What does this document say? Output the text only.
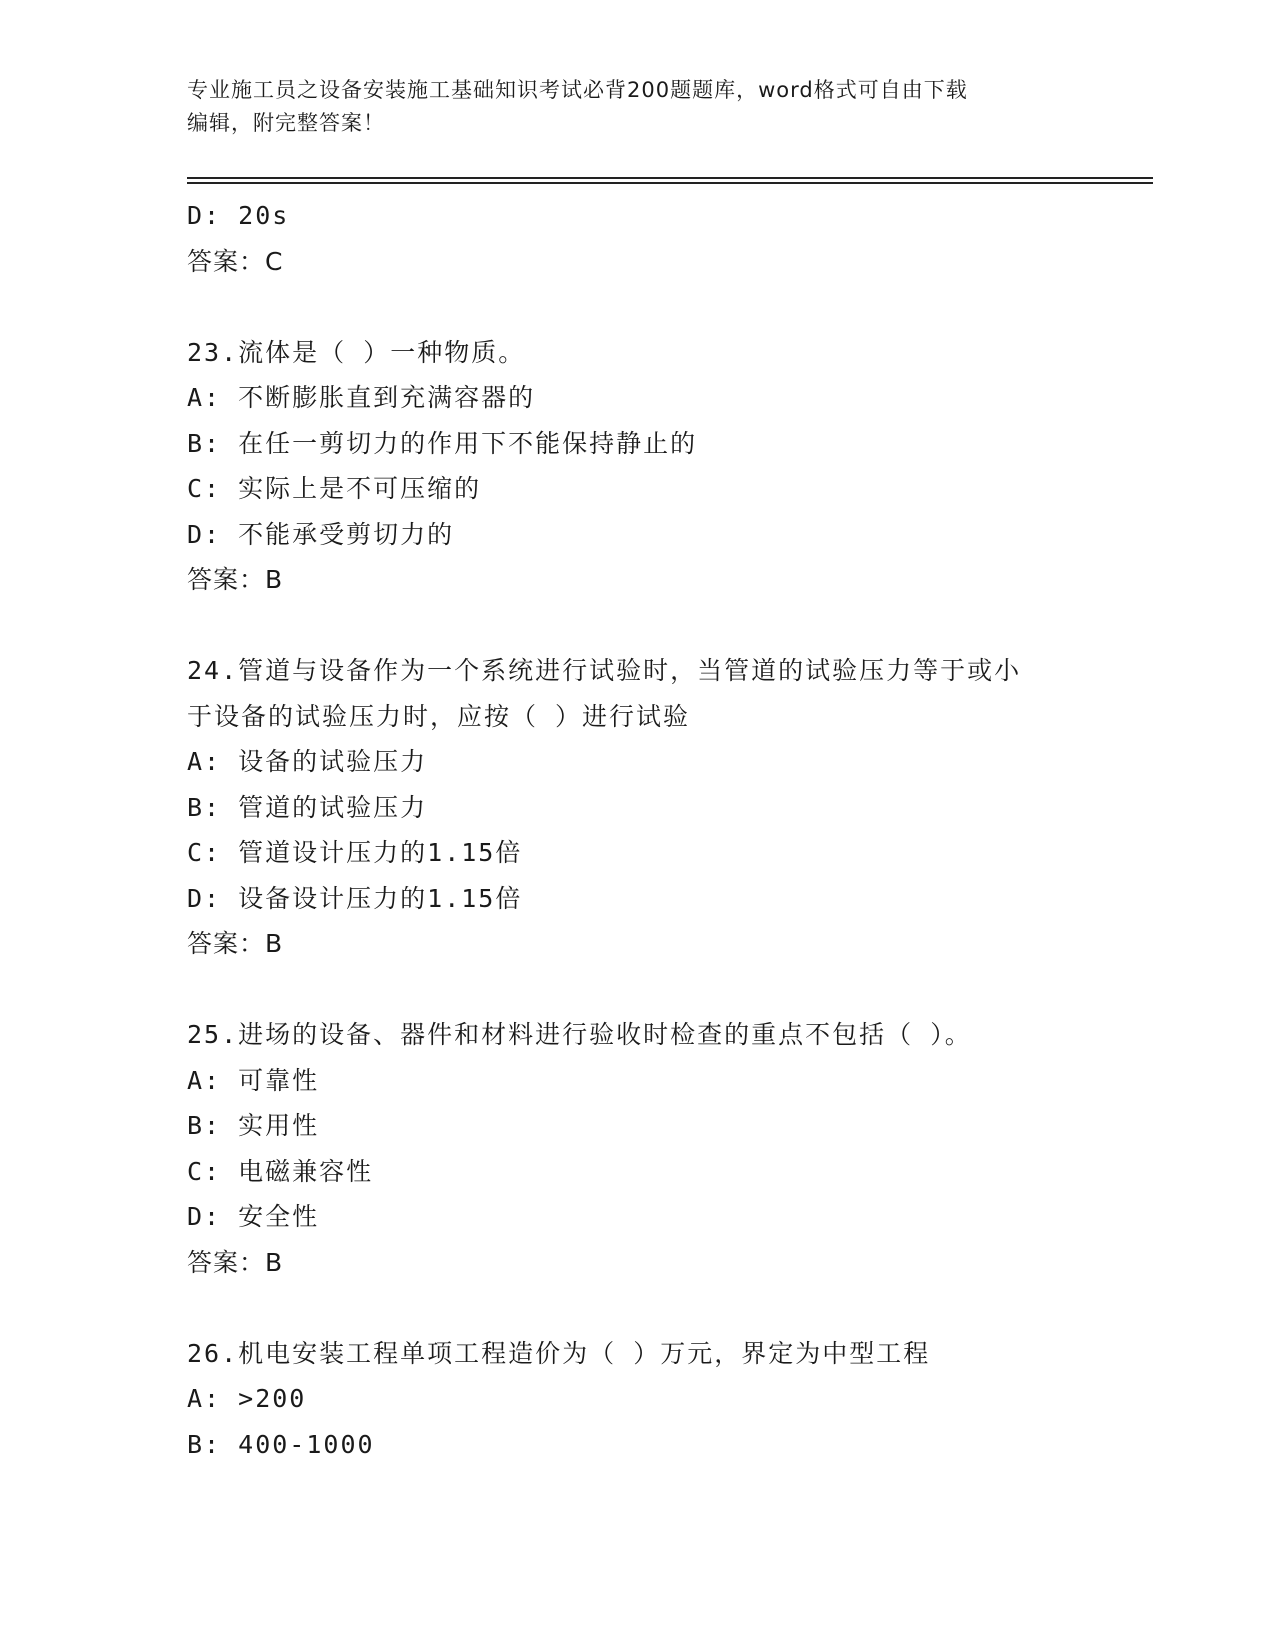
专业施工员之设备安装施工基础知识考试必背200题题库，word格式可自由下载
编辑，附完整答案！
D: 20s
答案：C
23.流体是（ ）一种物质。
A: 不断膨胀直到充满容器的
B: 在任一剪切力的作用下不能保持静止的
C: 实际上是不可压缩的
D: 不能承受剪切力的
答案：B
24.管道与设备作为一个系统进行试验时，当管道的试验压力等于或小
于设备的试验压力时，应按（ ）进行试验
A: 设备的试验压力
B: 管道的试验压力
C: 管道设计压力的1.15倍
D: 设备设计压力的1.15倍
答案：B
25.进场的设备、器件和材料进行验收时检查的重点不包括（ ）。
A: 可靠性
B: 实用性
C: 电磁兼容性
D: 安全性
答案：B
26.机电安装工程单项工程造价为（ ）万元，界定为中型工程
A: >200
B: 400-1000
